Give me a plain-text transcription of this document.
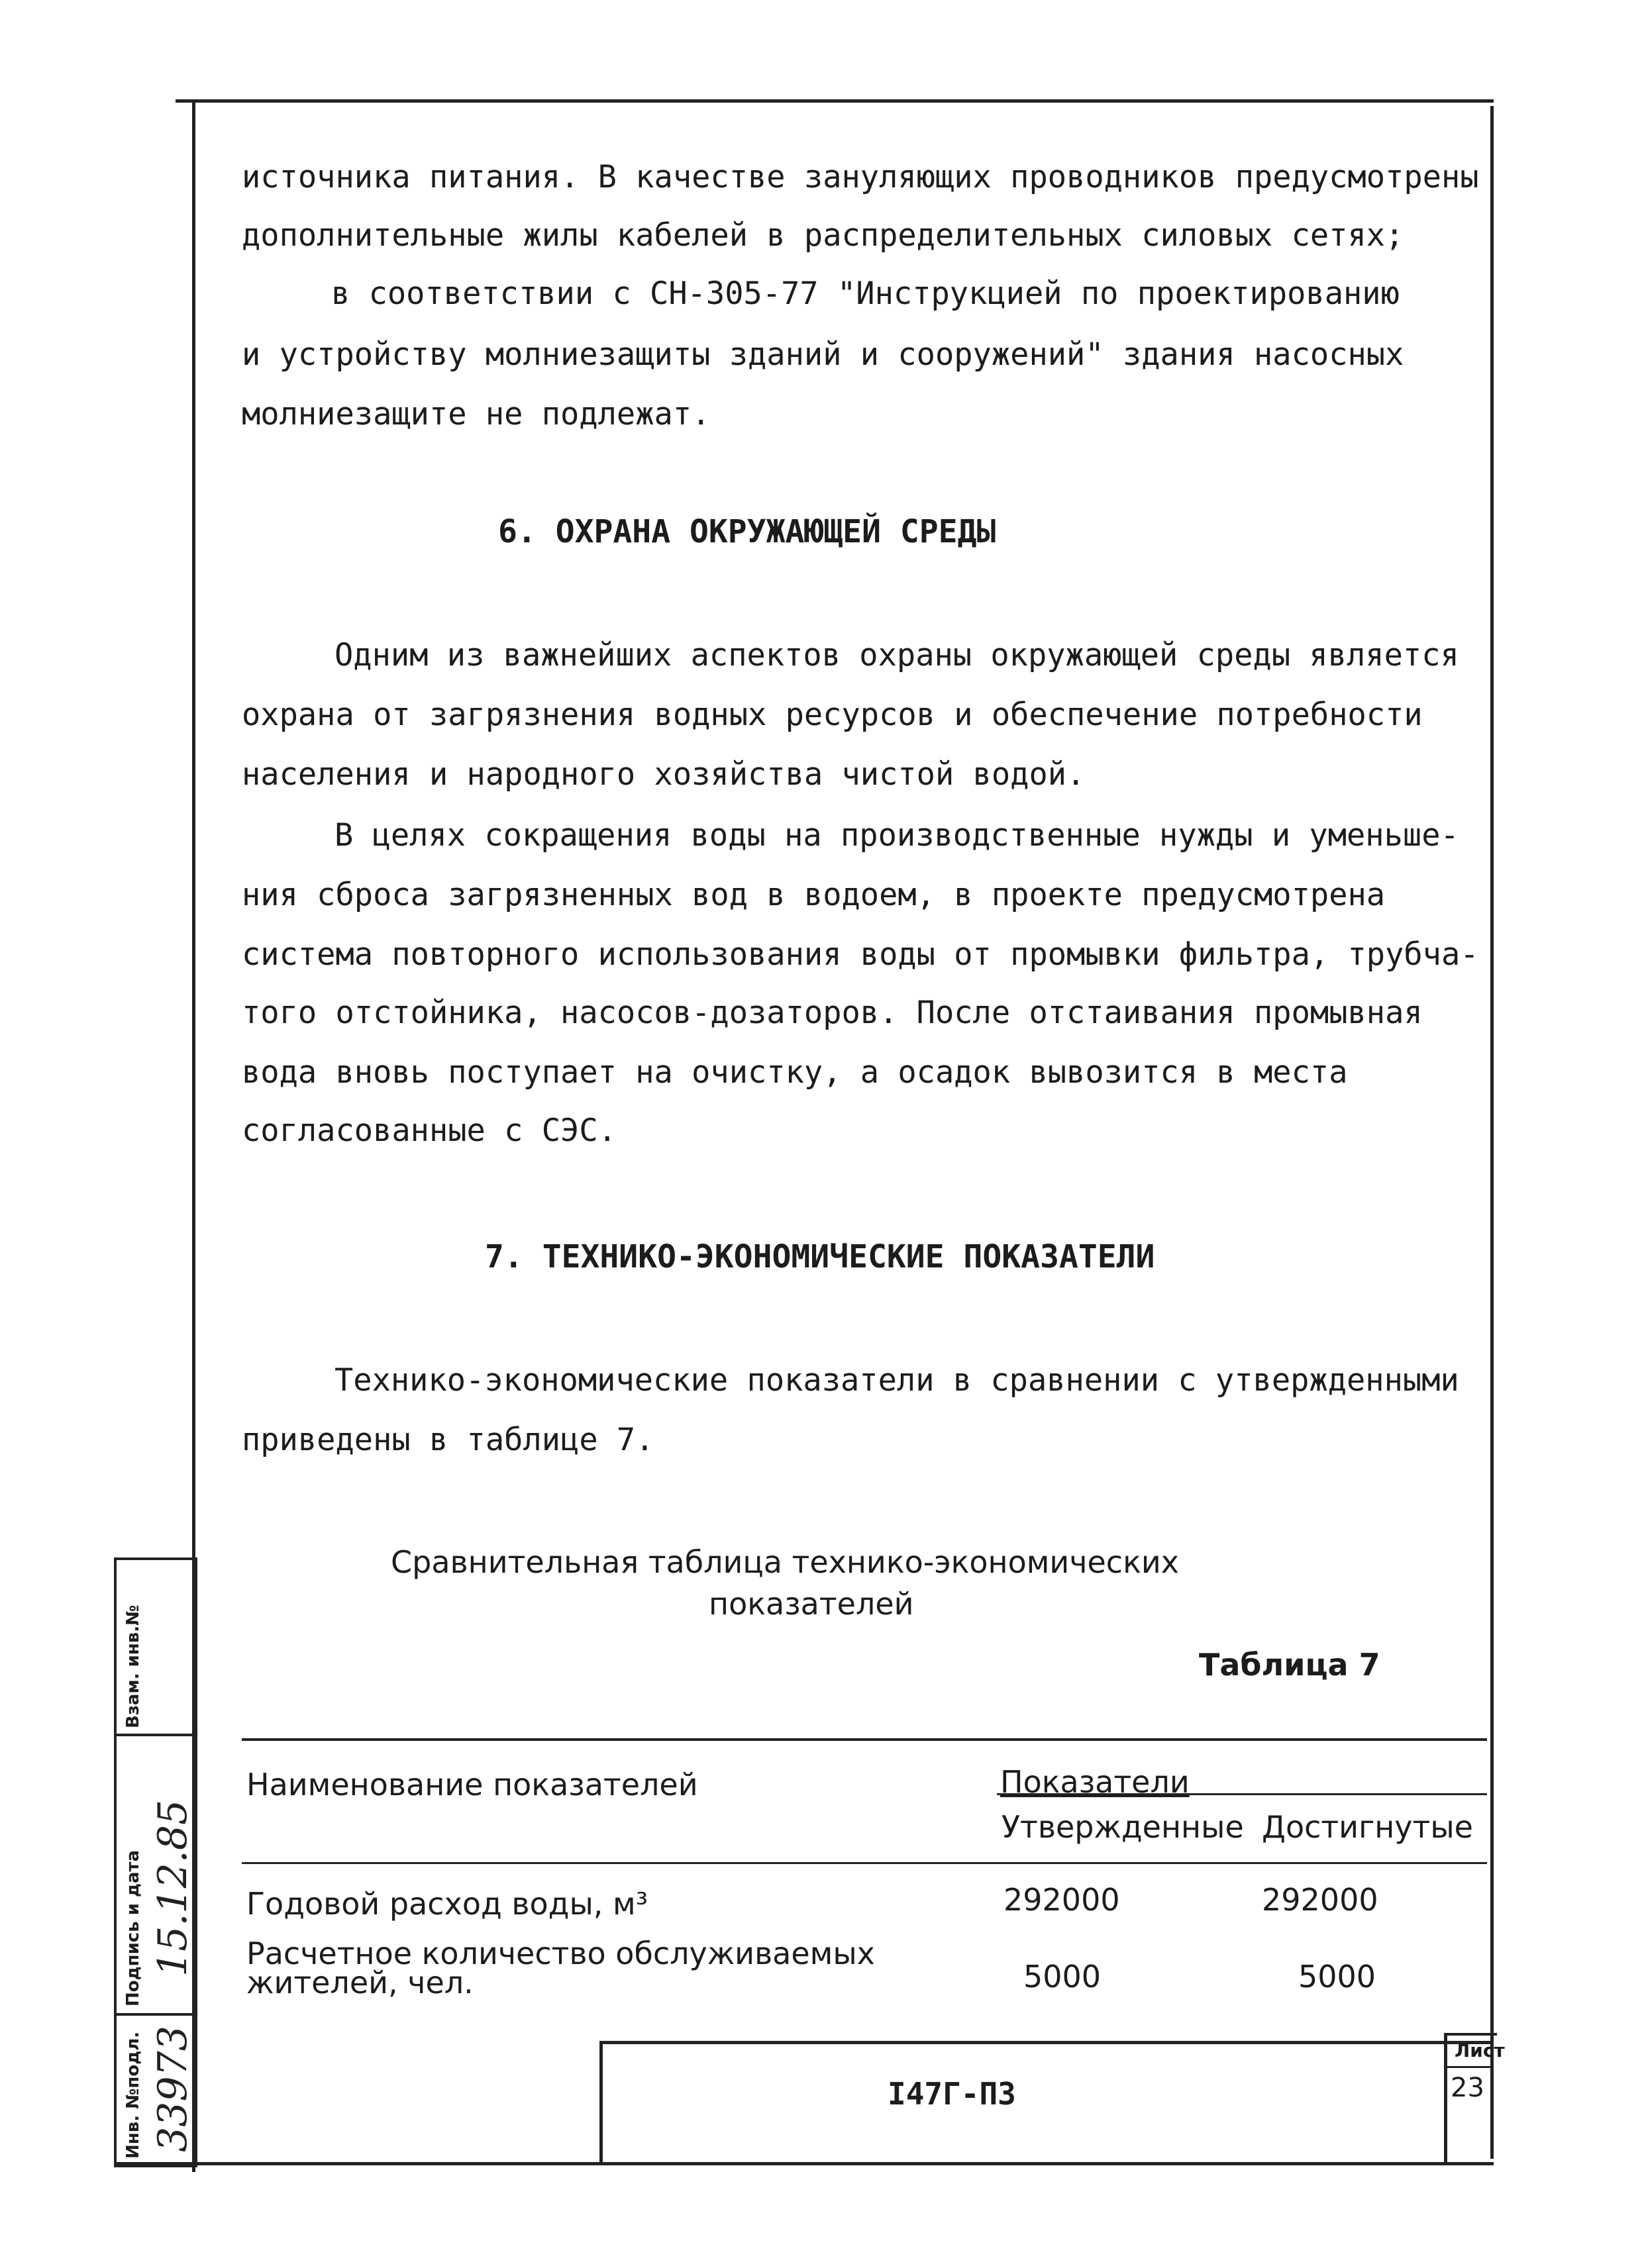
источника питания. В качестве зануляющих проводников предусмотрены
дополнительные жилы кабелей в распределительных силовых сетях;
в соответствии с СН-305-77 "Инструкцией по проектированию
и устройству молниезащиты зданий и сооружений" здания насосных
молниезащите не подлежат.
6. ОХРАНА ОКРУЖАЮЩЕЙ СРЕДЫ
Одним из важнейших аспектов охраны окружающей среды является
охрана от загрязнения водных ресурсов и обеспечение потребности
населения и народного хозяйства чистой водой.
В целях сокращения воды на производственные нужды и уменьше-
ния сброса загрязненных вод в водоем, в проекте предусмотрена
система повторного использования воды от промывки фильтра, трубча-
того отстойника, насосов-дозаторов. После отстаивания промывная
вода вновь поступает на очистку, а осадок вывозится в места
согласованные с СЭС.
7. ТЕХНИКО-ЭКОНОМИЧЕСКИЕ ПОКАЗАТЕЛИ
Технико-экономические показатели в сравнении с утвержденными
приведены в таблице 7.
Сравнительная таблица технико-экономических
показателей
Таблица 7
Наименование показателей	Показатели
Утвержденные Достигнутые
Годовой расход воды, м³	292000	292000
Расчетное количество обслуживаемых
жителей, чел.	5000	5000
Взам. инв.№
Подпись и дата
Инв. №подл.
15.12.85
33973	I47Г-ПЗ
Лист
23
